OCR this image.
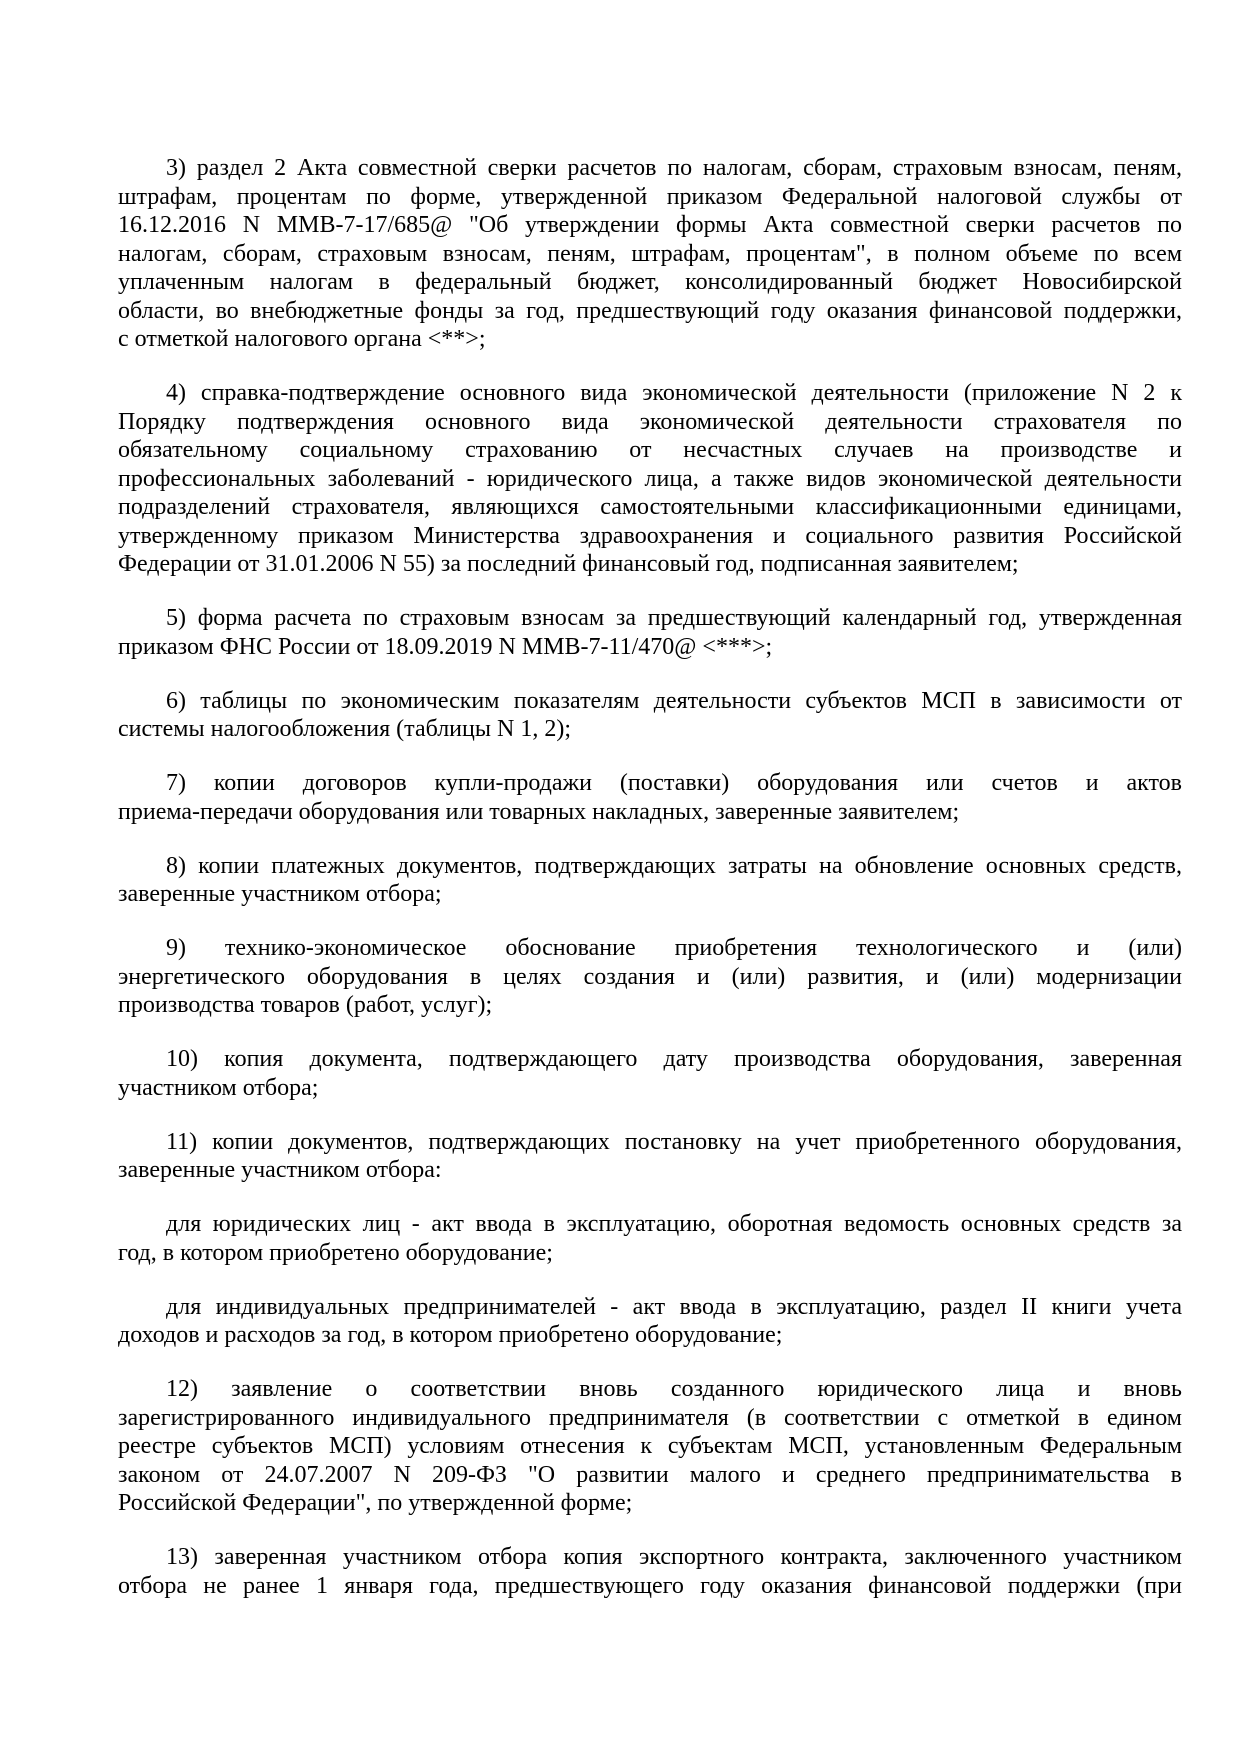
3) раздел 2 Акта совместной сверки расчетов по налогам, сборам, страховым взносам, пеням,
штрафам, процентам по форме, утвержденной приказом Федеральной налоговой службы от
16.12.2016 N ММВ-7-17/685@ "Об утверждении формы Акта совместной сверки расчетов по
налогам, сборам, страховым взносам, пеням, штрафам, процентам", в полном объеме по всем
уплаченным налогам в федеральный бюджет, консолидированный бюджет Новосибирской
области, во внебюджетные фонды за год, предшествующий году оказания финансовой поддержки,
с отметкой налогового органа <**>;
4) справка-подтверждение основного вида экономической деятельности (приложение N 2 к
Порядку подтверждения основного вида экономической деятельности страхователя по
обязательному социальному страхованию от несчастных случаев на производстве и
профессиональных заболеваний - юридического лица, а также видов экономической деятельности
подразделений страхователя, являющихся самостоятельными классификационными единицами,
утвержденному приказом Министерства здравоохранения и социального развития Российской
Федерации от 31.01.2006 N 55) за последний финансовый год, подписанная заявителем;
5) форма расчета по страховым взносам за предшествующий календарный год, утвержденная
приказом ФНС России от 18.09.2019 N ММВ-7-11/470@ <***>;
6) таблицы по экономическим показателям деятельности субъектов МСП в зависимости от
системы налогообложения (таблицы N 1, 2);
7) копии договоров купли-продажи (поставки) оборудования или счетов и актов
приема-передачи оборудования или товарных накладных, заверенные заявителем;
8) копии платежных документов, подтверждающих затраты на обновление основных средств,
заверенные участником отбора;
9) технико-экономическое обоснование приобретения технологического и (или)
энергетического оборудования в целях создания и (или) развития, и (или) модернизации
производства товаров (работ, услуг);
10) копия документа, подтверждающего дату производства оборудования, заверенная
участником отбора;
11) копии документов, подтверждающих постановку на учет приобретенного оборудования,
заверенные участником отбора:
для юридических лиц - акт ввода в эксплуатацию, оборотная ведомость основных средств за
год, в котором приобретено оборудование;
для индивидуальных предпринимателей - акт ввода в эксплуатацию, раздел II книги учета
доходов и расходов за год, в котором приобретено оборудование;
12) заявление о соответствии вновь созданного юридического лица и вновь
зарегистрированного индивидуального предпринимателя (в соответствии с отметкой в едином
реестре субъектов МСП) условиям отнесения к субъектам МСП, установленным Федеральным
законом от 24.07.2007 N 209-ФЗ "О развитии малого и среднего предпринимательства в
Российской Федерации", по утвержденной форме;
13) заверенная участником отбора копия экспортного контракта, заключенного участником
отбора не ранее 1 января года, предшествующего году оказания финансовой поддержки (при
